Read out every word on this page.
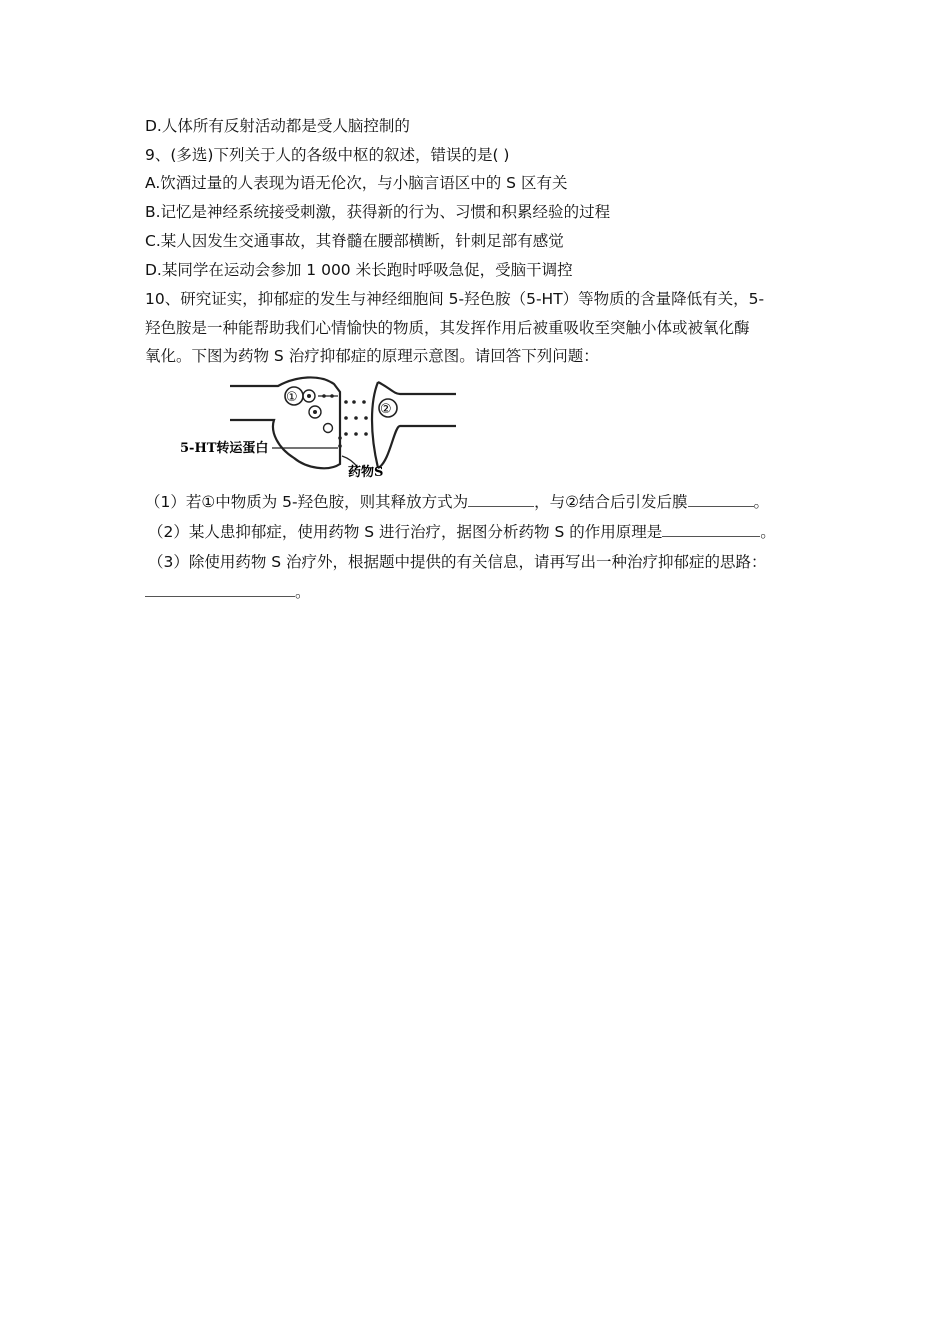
D.人体所有反射活动都是受人脑控制的
9、(多选)下列关于人的各级中枢的叙述，错误的是( )
A.饮酒过量的人表现为语无伦次，与小脑言语区中的 S 区有关
B.记忆是神经系统接受刺激，获得新的行为、习惯和积累经验的过程
C.某人因发生交通事故，其脊髓在腰部横断，针刺足部有感觉
D.某同学在运动会参加 1 000 米长跑时呼吸急促，受脑干调控
10、研究证实，抑郁症的发生与神经细胞间 5-羟色胺（5-HT）等物质的含量降低有关，5-
羟色胺是一种能帮助我们心情愉快的物质，其发挥作用后被重吸收至突触小体或被氧化酶
氧化。下图为药物 S 治疗抑郁症的原理示意图。请回答下列问题：
①
②
5-HT转运蛋白
药物S
（1）若①中物质为 5-羟色胺，则其释放方式为	，与②结合后引发后膜	。
（2）某人患抑郁症，使用药物 S 进行治疗，据图分析药物 S 的作用原理是	。
（3）除使用药物 S 治疗外，根据题中提供的有关信息，请再写出一种治疗抑郁症的思路：
。
